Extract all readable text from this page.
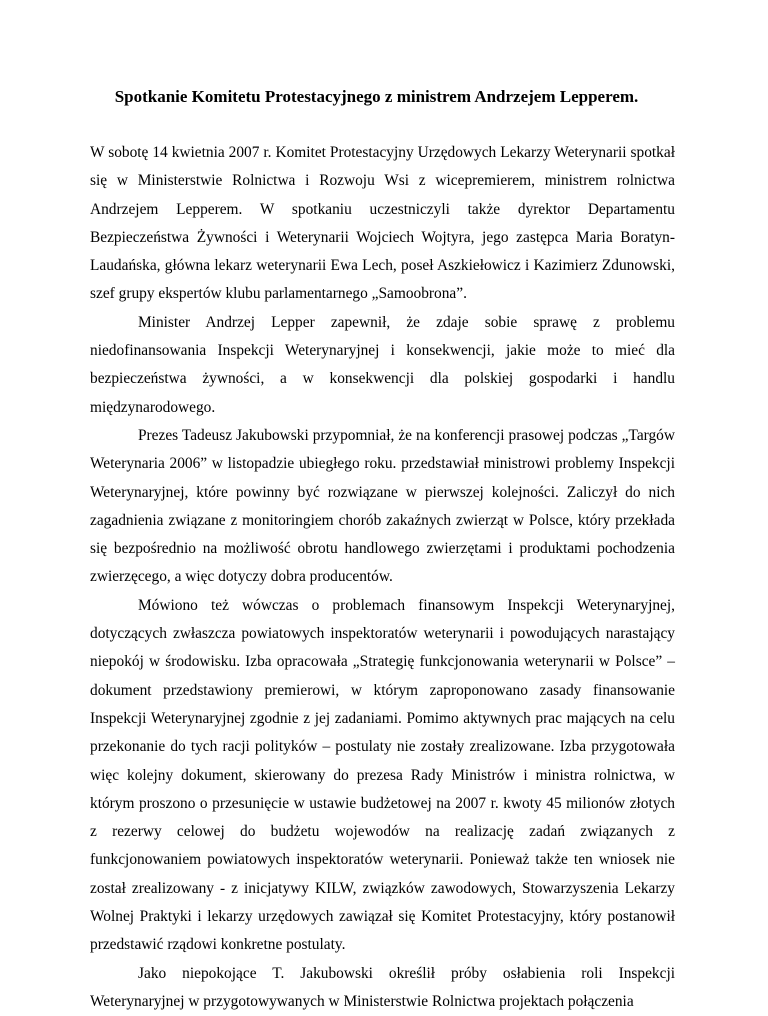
Spotkanie Komitetu Protestacyjnego z ministrem Andrzejem Lepperem.

W sobotę 14 kwietnia 2007 r. Komitet Protestacyjny Urzędowych Lekarzy Weterynarii spotkał się w Ministerstwie Rolnictwa i Rozwoju Wsi z wicepremierem, ministrem rolnictwa Andrzejem Lepperem. W spotkaniu uczestniczyli także dyrektor Departamentu Bezpieczeństwa Żywności i Weterynarii Wojciech Wojtyra, jego zastępca Maria Boratyn-Laudańska, główna lekarz weterynarii Ewa Lech, poseł Aszkiełowicz i Kazimierz Zdunowski, szef grupy ekspertów klubu parlamentarnego „Samoobrona”.

Minister Andrzej Lepper zapewnił, że zdaje sobie sprawę z problemu niedofinansowania Inspekcji Weterynaryjnej i konsekwencji, jakie może to mieć dla bezpieczeństwa żywności, a w konsekwencji dla polskiej gospodarki i handlu międzynarodowego.

Prezes Tadeusz Jakubowski przypomniał, że na konferencji prasowej podczas „Targów Weterynaria 2006” w listopadzie ubiegłego roku. przedstawiał ministrowi problemy Inspekcji Weterynaryjnej, które powinny być rozwiązane w pierwszej kolejności. Zaliczył do nich zagadnienia związane z monitoringiem chorób zakaźnych zwierząt w Polsce, który przekłada się bezpośrednio na możliwość obrotu handlowego zwierzętami i produktami pochodzenia zwierzęcego, a więc dotyczy dobra producentów.

Mówiono też wówczas o problemach finansowym Inspekcji Weterynaryjnej, dotyczących zwłaszcza powiatowych inspektoratów weterynarii i powodujących narastający niepokój w środowisku. Izba opracowała „Strategię funkcjonowania weterynarii w Polsce” – dokument przedstawiony premierowi, w którym zaproponowano zasady finansowanie Inspekcji Weterynaryjnej zgodnie z jej zadaniami. Pomimo aktywnych prac mających na celu przekonanie do tych racji polityków – postulaty nie zostały zrealizowane. Izba przygotowała więc kolejny dokument, skierowany do prezesa Rady Ministrów i ministra rolnictwa, w którym proszono o przesunięcie w ustawie budżetowej na 2007 r. kwoty 45 milionów złotych z rezerwy celowej do budżetu wojewodów na realizację zadań związanych z funkcjonowaniem powiatowych inspektoratów weterynarii. Ponieważ także ten wniosek nie został zrealizowany - z inicjatywy KILW, związków zawodowych, Stowarzyszenia Lekarzy Wolnej Praktyki i lekarzy urzędowych zawiązał się Komitet Protestacyjny, który postanowił przedstawić rządowi konkretne postulaty.

Jako niepokojące T. Jakubowski określił próby osłabienia roli Inspekcji Weterynaryjnej w przygotowywanych w Ministerstwie Rolnictwa projektach połączenia
